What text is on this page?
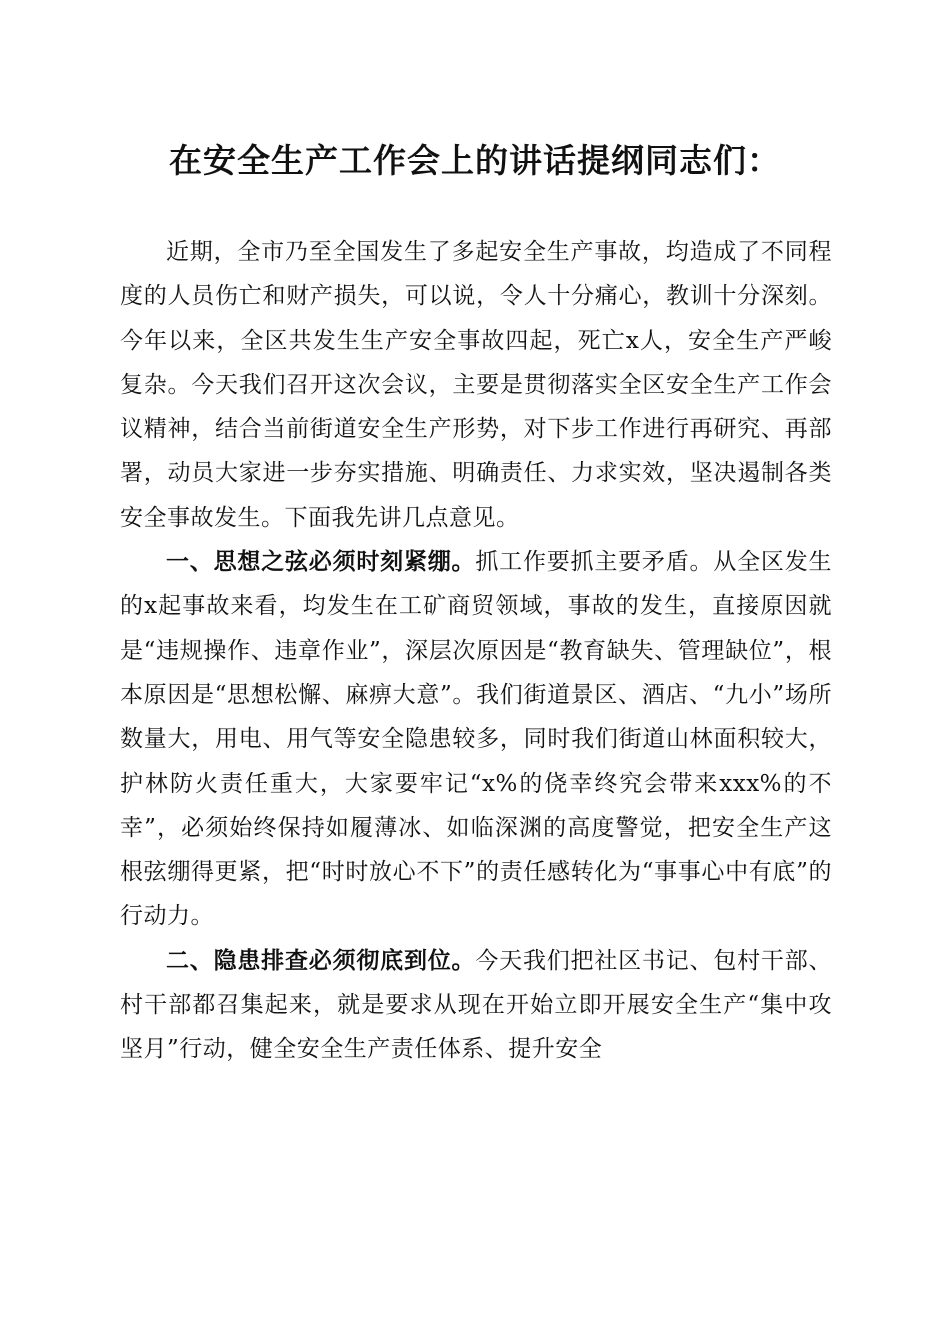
在安全生产工作会上的讲话提纲同志们：

近期，全市乃至全国发生了多起安全生产事故，均造成了不同程度的人员伤亡和财产损失，可以说，令人十分痛心，教训十分深刻。今年以来，全区共发生生产安全事故四起，死亡x人，安全生产严峻复杂。今天我们召开这次会议，主要是贯彻落实全区安全生产工作会议精神，结合当前街道安全生产形势，对下步工作进行再研究、再部署，动员大家进一步夯实措施、明确责任、力求实效，坚决遏制各类安全事故发生。下面我先讲几点意见。

一、思想之弦必须时刻紧绷。抓工作要抓主要矛盾。从全区发生的x起事故来看，均发生在工矿商贸领域，事故的发生，直接原因就是“违规操作、违章作业”，深层次原因是“教育缺失、管理缺位”，根本原因是“思想松懈、麻痹大意”。我们街道景区、酒店、“九小”场所数量大，用电、用气等安全隐患较多，同时我们街道山林面积较大，护林防火责任重大，大家要牢记“x%的侥幸终究会带来xxx%的不幸”，必须始终保持如履薄冰、如临深渊的高度警觉，把安全生产这根弦绷得更紧，把“时时放心不下”的责任感转化为“事事心中有底”的行动力。

二、隐患排查必须彻底到位。今天我们把社区书记、包村干部、村干部都召集起来，就是要求从现在开始立即开展安全生产“集中攻坚月”行动，健全安全生产责任体系、提升安全
